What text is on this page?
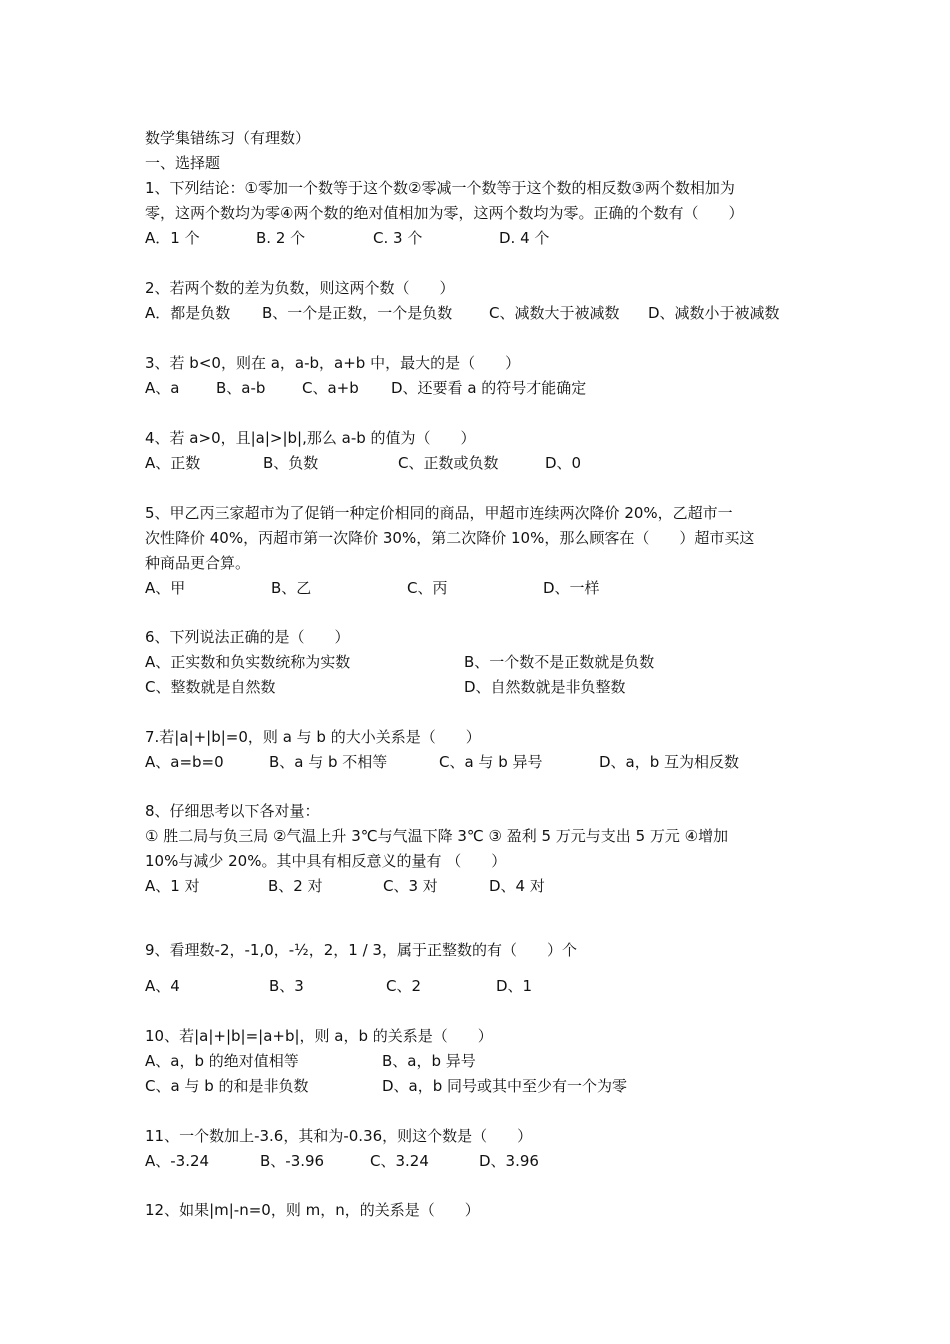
数学集错练习（有理数）
一、选择题
1、下列结论：①零加一个数等于这个数②零减一个数等于这个数的相反数③两个数相加为
零，这两个数均为零④两个数的绝对值相加为零，这两个数均为零。正确的个数有（　　）
A．1 个	B. 2 个	C. 3 个	D. 4 个
2、若两个数的差为负数，则这两个数（　　）
A．都是负数 B、一个是正数，一个是负数 C、减数大于被减数 D、减数小于被减数
3、若 b<0，则在 a，a-b，a+b 中，最大的是（　　）
A、a B、a-b C、a+b D、还要看 a 的符号才能确定
4、若 a>0，且|a|>|b|,那么 a-b 的值为（　　）
A、正数	B、负数	C、正数或负数	D、0
5、甲乙丙三家超市为了促销一种定价相同的商品，甲超市连续两次降价 20%，乙超市一
次性降价 40%，丙超市第一次降价 30%，第二次降价 10%，那么顾客在（　　）超市买这
种商品更合算。
A、甲	B、乙	C、丙	D、一样
6、下列说法正确的是（　　）
A、正实数和负实数统称为实数	B、一个数不是正数就是负数
C、整数就是自然数	D、自然数就是非负整数
7.若|a|+|b|=0，则 a 与 b 的大小关系是（　　）
A、a=b=0	B、a 与 b 不相等	C、a 与 b 异号	D、a，b 互为相反数
8、仔细思考以下各对量：
① 胜二局与负三局 ②气温上升 3℃与气温下降 3℃ ③ 盈利 5 万元与支出 5 万元 ④增加
10%与减少 20%。其中具有相反意义的量有 （　　）
A、1 对	B、2 对	C、3 对	D、4 对
9、看理数-2，-1,0，-½，2，1 / 3，属于正整数的有（　　）个
A、4	B、3	C、2	D、1
10、若|a|+|b|=|a+b|，则 a，b 的关系是（　　）
A、a，b 的绝对值相等	B、a，b 异号
C、a 与 b 的和是非负数	D、a，b 同号或其中至少有一个为零
11、一个数加上-3.6，其和为-0.36，则这个数是（　　）
A、-3.24	B、-3.96	C、3.24	D、3.96
12、如果|m|-n=0，则 m，n，的关系是（　　）
